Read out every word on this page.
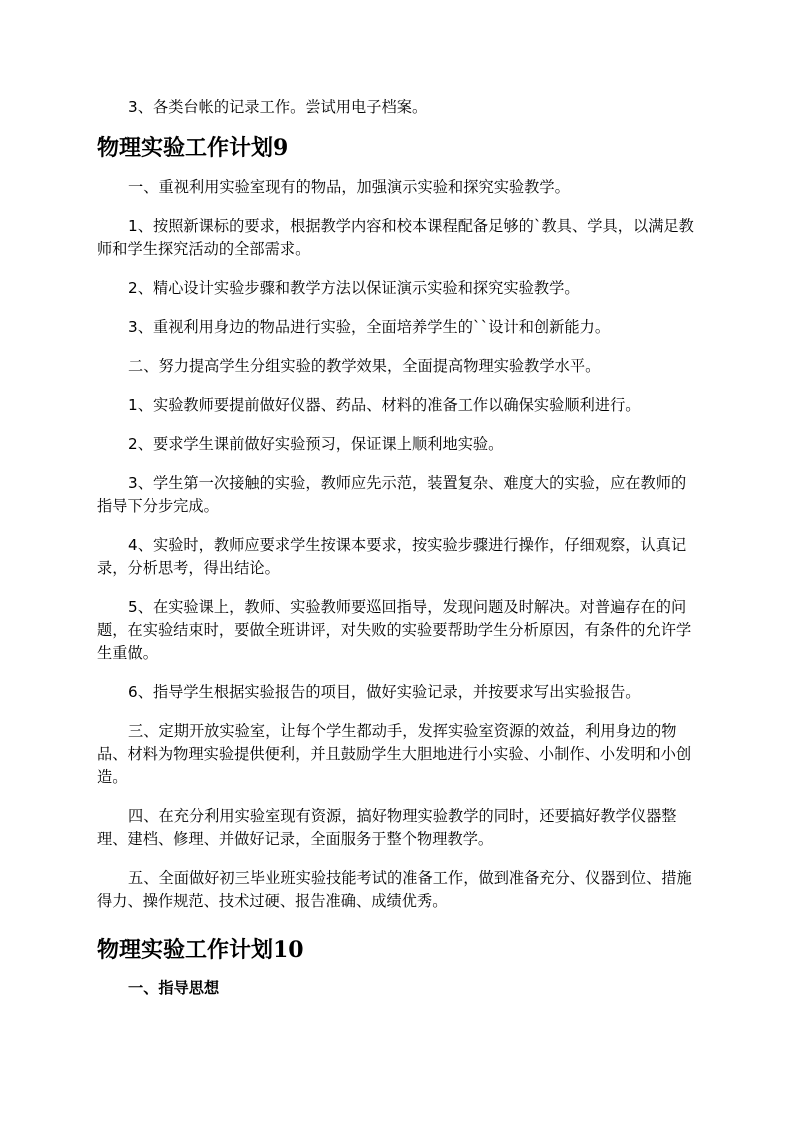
3、各类台帐的记录工作。尝试用电子档案。

物理实验工作计划9

一、重视利用实验室现有的物品，加强演示实验和探究实验教学。

1、按照新课标的要求，根据教学内容和校本课程配备足够的`教具、学具，以满足教师和学生探究活动的全部需求。

2、精心设计实验步骤和教学方法以保证演示实验和探究实验教学。

3、重视利用身边的物品进行实验，全面培养学生的``设计和创新能力。

二、努力提高学生分组实验的教学效果，全面提高物理实验教学水平。

1、实验教师要提前做好仪器、药品、材料的准备工作以确保实验顺利进行。

2、要求学生课前做好实验预习，保证课上顺利地实验。

3、学生第一次接触的实验，教师应先示范，装置复杂、难度大的实验，应在教师的指导下分步完成。

4、实验时，教师应要求学生按课本要求，按实验步骤进行操作，仔细观察，认真记录，分析思考，得出结论。

5、在实验课上，教师、实验教师要巡回指导，发现问题及时解决。对普遍存在的问题，在实验结束时，要做全班讲评，对失败的实验要帮助学生分析原因，有条件的允许学生重做。

6、指导学生根据实验报告的项目，做好实验记录，并按要求写出实验报告。

三、定期开放实验室，让每个学生都动手，发挥实验室资源的效益，利用身边的物品、材料为物理实验提供便利，并且鼓励学生大胆地进行小实验、小制作、小发明和小创造。

四、在充分利用实验室现有资源，搞好物理实验教学的同时，还要搞好教学仪器整理、建档、修理、并做好记录，全面服务于整个物理教学。

五、全面做好初三毕业班实验技能考试的准备工作，做到准备充分、仪器到位、措施得力、操作规范、技术过硬、报告准确、成绩优秀。

物理实验工作计划10

一、指导思想
